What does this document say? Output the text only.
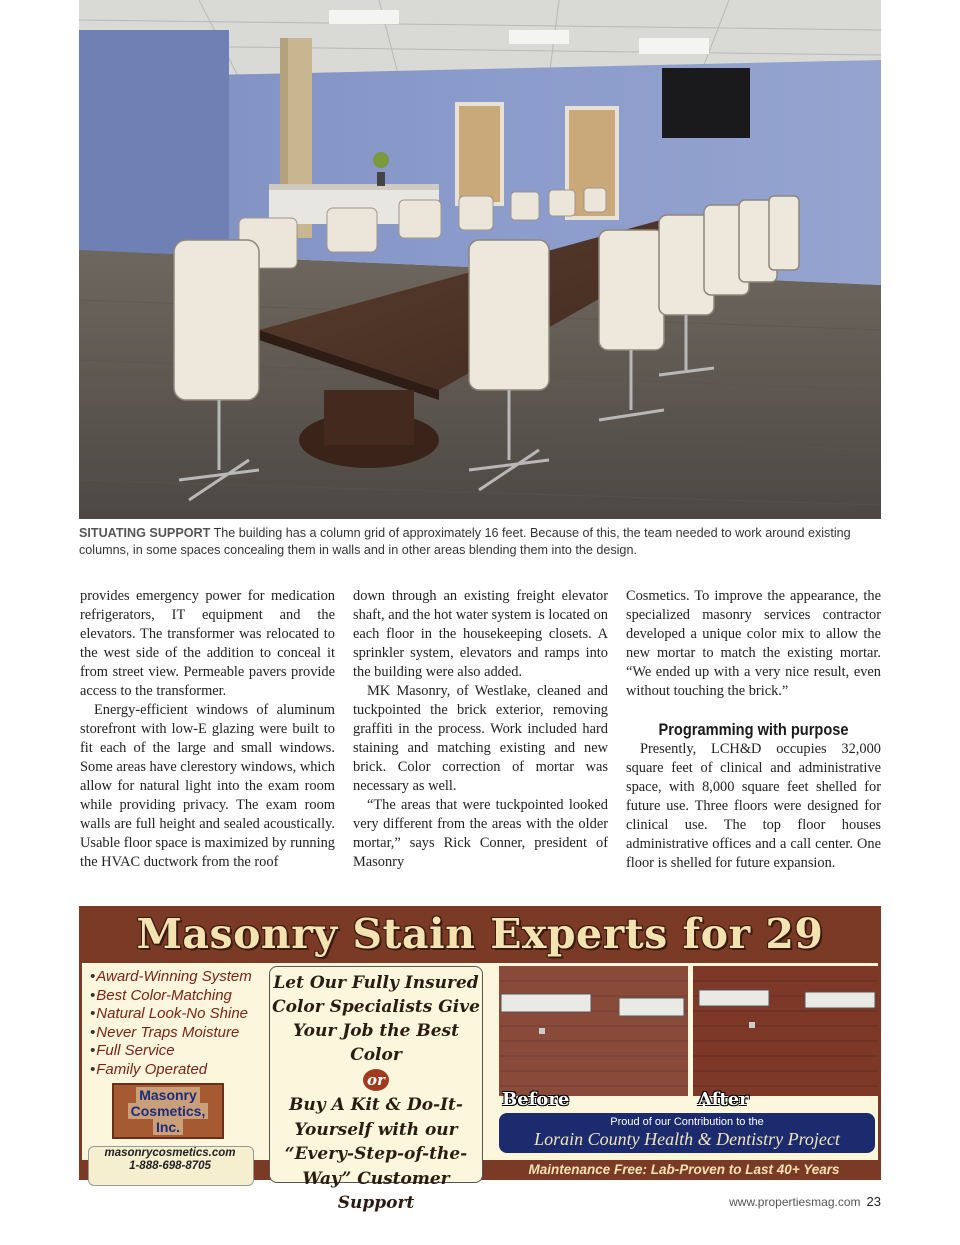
SITUATING SUPPORT The building has a column grid of approximately 16 feet. Because of this, the team needed to work around existing columns, in some spaces concealing them in walls and in other areas blending them into the design.

provides emergency power for medication refrigerators, IT equipment and the elevators. The transformer was relocated to the west side of the addition to conceal it from street view. Permeable pavers provide access to the transformer.

Energy-efficient windows of aluminum storefront with low-E glazing were built to fit each of the large and small windows. Some areas have clerestory windows, which allow for natural light into the exam room while providing privacy. The exam room walls are full height and sealed acoustically. Usable floor space is maximized by running the HVAC ductwork from the roof

down through an existing freight elevator shaft, and the hot water system is located on each floor in the housekeeping closets. A sprinkler system, elevators and ramps into the building were also added.

MK Masonry, of Westlake, cleaned and tuckpointed the brick exterior, removing graffiti in the process. Work included hard staining and matching existing and new brick. Color correction of mortar was necessary as well.

“The areas that were tuckpointed looked very different from the areas with the older mortar,” says Rick Conner, president of Masonry

Cosmetics. To improve the appearance, the specialized masonry services contractor developed a unique color mix to allow the new mortar to match the existing mortar. “We ended up with a very nice result, even without touching the brick.”

Programming with purpose

Presently, LCH&D occupies 32,000 square feet of clinical and administrative space, with 8,000 square feet shelled for future use. Three floors were designed for clinical use. The top floor houses administrative offices and a call center. One floor is shelled for future expansion.

Masonry Stain Experts for 29
• Award-Winning System
• Best Color-Matching
• Natural Look-No Shine
• Never Traps Moisture
• Full Service
• Family Operated
Masonry
Cosmetics,
Inc.
masonrycosmetics.com
1-888-698-8705
Let Our Fully Insured Color Specialists Give Your Job the Best Color
or
Buy A Kit & Do-It-Yourself with our “Every-Step-of-the-Way” Customer Support
Before	After
Proud of our Contribution to the
Lorain County Health & Dentistry Project
Maintenance Free: Lab-Proven to Last 40+ Years
www.propertiesmag.com 23
